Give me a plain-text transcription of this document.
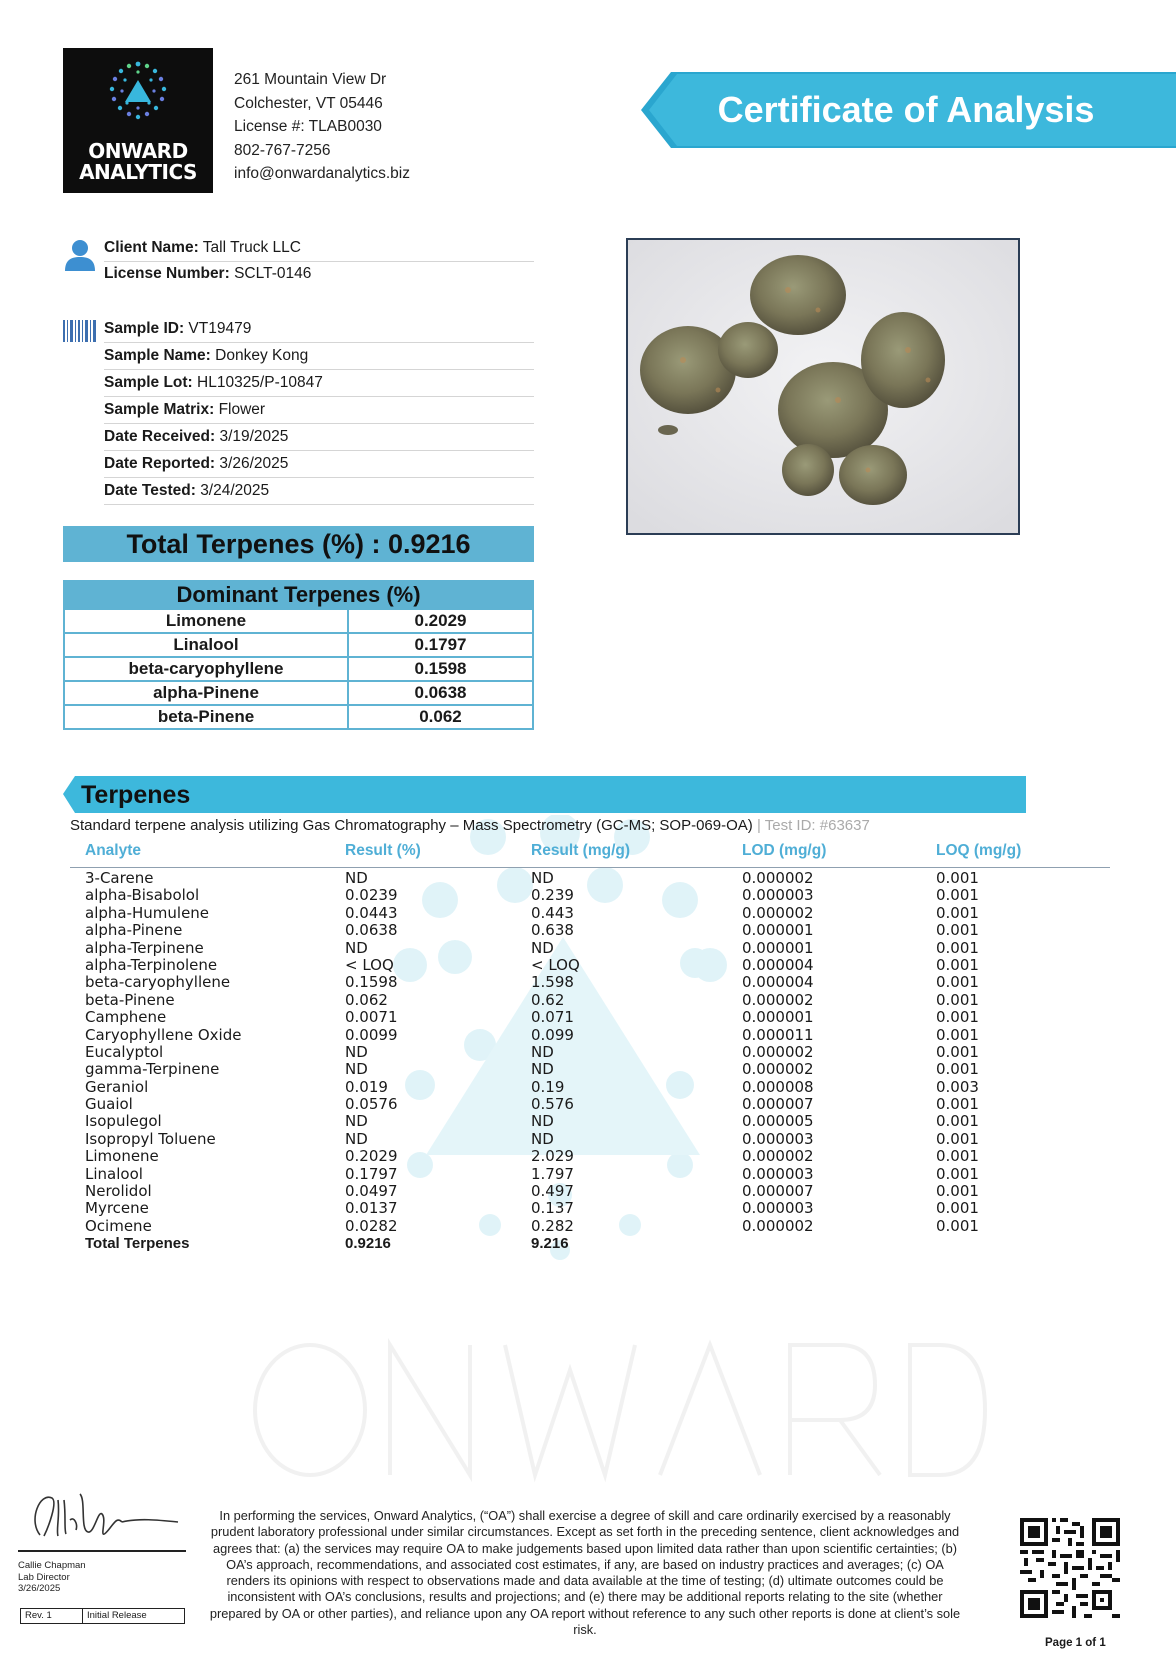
ONWARD
ANALYTICS
261 Mountain View Dr
Colchester, VT 05446
License #: TLAB0030
802-767-7256
info@onwardanalytics.biz
Certificate of Analysis
Client Name: Tall Truck LLC
License Number: SCLT-0146
Sample ID: VT19479
Sample Name: Donkey Kong
Sample Lot: HL10325/P-10847
Sample Matrix: Flower
Date Received: 3/19/2025
Date Reported: 3/26/2025
Date Tested: 3/24/2025
Total Terpenes (%) : 0.9216
Dominant Terpenes (%)
Limonene	0.2029
Linalool	0.1797
beta-caryophyllene	0.1598
alpha-Pinene	0.0638
beta-Pinene	0.062
Terpenes
Standard terpene analysis utilizing Gas Chromatography – Mass Spectrometry (GC-MS; SOP-069-OA) | Test ID: #63637
Analyte	Result (%)	Result (mg/g)	LOD (mg/g)	LOQ (mg/g)
3-Carene	ND	ND	0.000002	0.001
alpha-Bisabolol	0.0239	0.239	0.000003	0.001
alpha-Humulene	0.0443	0.443	0.000002	0.001
alpha-Pinene	0.0638	0.638	0.000001	0.001
alpha-Terpinene	ND	ND	0.000001	0.001
alpha-Terpinolene	< LOQ	< LOQ	0.000004	0.001
beta-caryophyllene	0.1598	1.598	0.000004	0.001
beta-Pinene	0.062	0.62	0.000002	0.001
Camphene	0.0071	0.071	0.000001	0.001
Caryophyllene Oxide	0.0099	0.099	0.000011	0.001
Eucalyptol	ND	ND	0.000002	0.001
gamma-Terpinene	ND	ND	0.000002	0.001
Geraniol	0.019	0.19	0.000008	0.003
Guaiol	0.0576	0.576	0.000007	0.001
Isopulegol	ND	ND	0.000005	0.001
Isopropyl Toluene	ND	ND	0.000003	0.001
Limonene	0.2029	2.029	0.000002	0.001
Linalool	0.1797	1.797	0.000003	0.001
Nerolidol	0.0497	0.497	0.000007	0.001
Myrcene	0.0137	0.137	0.000003	0.001
Ocimene	0.0282	0.282	0.000002	0.001
Total Terpenes	0.9216	9.216
Callie Chapman
Lab Director
3/26/2025
Rev. 1	Initial Release
In performing the services, Onward Analytics, (“OA”) shall exercise a degree of skill and care ordinarily exercised by a reasonably prudent laboratory professional under similar circumstances. Except as set forth in the preceding sentence, client acknowledges and agrees that: (a) the services may require OA to make judgements based upon limited data rather than upon scientific certainties; (b) OA’s approach, recommendations, and associated cost estimates, if any, are based on industry practices and averages; (c) OA renders its opinions with respect to observations made and data available at the time of testing; (d) ultimate outcomes could be inconsistent with OA’s conclusions, results and projections; and (e) there may be additional reports relating to the site (whether prepared by OA or other parties), and reliance upon any OA report without reference to any such other reports is done at client’s sole risk.
Page 1 of 1
